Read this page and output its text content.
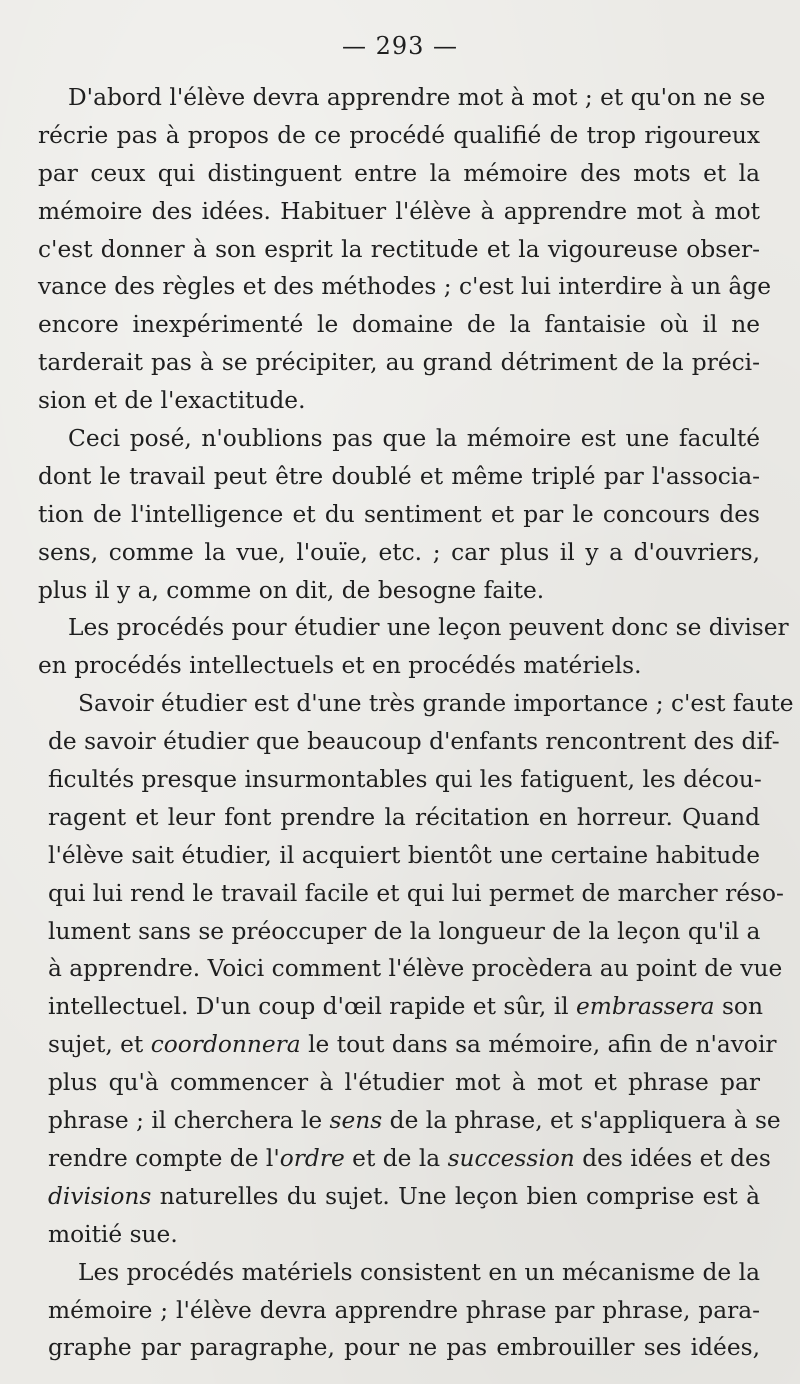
— 293 —
D'abord l'élève devra apprendre mot à mot ; et qu'on ne se
récrie pas à propos de ce procédé qualifié de trop rigoureux
par ceux qui distinguent entre la mémoire des mots et la
mémoire des idées. Habituer l'élève à apprendre mot à mot
c'est donner à son esprit la rectitude et la vigoureuse obser-
vance des règles et des méthodes ; c'est lui interdire à un âge
encore inexpérimenté le domaine de la fantaisie où il ne
tarderait pas à se précipiter, au grand détriment de la préci-
sion et de l'exactitude.
Ceci posé, n'oublions pas que la mémoire est une faculté
dont le travail peut être doublé et même triplé par l'associa-
tion de l'intelligence et du sentiment et par le concours des
sens, comme la vue, l'ouïe, etc. ; car plus il y a d'ouvriers,
plus il y a, comme on dit, de besogne faite.
Les procédés pour étudier une leçon peuvent donc se diviser
en procédés intellectuels et en procédés matériels.
Savoir étudier est d'une très grande importance ; c'est faute
de savoir étudier que beaucoup d'enfants rencontrent des dif-
ficultés presque insurmontables qui les fatiguent, les décou-
ragent et leur font prendre la récitation en horreur. Quand
l'élève sait étudier, il acquiert bientôt une certaine habitude
qui lui rend le travail facile et qui lui permet de marcher réso-
lument sans se préoccuper de la longueur de la leçon qu'il a
à apprendre. Voici comment l'élève procèdera au point de vue
intellectuel. D'un coup d'œil rapide et sûr, il embrassera son
sujet, et coordonnera le tout dans sa mémoire, afin de n'avoir
plus qu'à commencer à l'étudier mot à mot et phrase par
phrase ; il cherchera le sens de la phrase, et s'appliquera à se
rendre compte de l'ordre et de la succession des idées et des
divisions naturelles du sujet. Une leçon bien comprise est à
moitié sue.
Les procédés matériels consistent en un mécanisme de la
mémoire ; l'élève devra apprendre phrase par phrase, para-
graphe par paragraphe, pour ne pas embrouiller ses idées,
